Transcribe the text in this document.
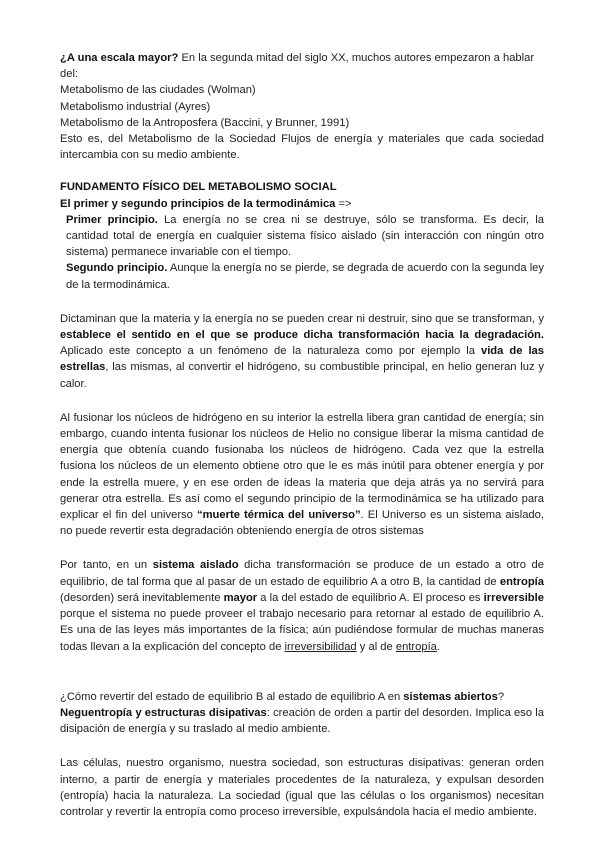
¿A una escala mayor? En la segunda mitad del siglo XX, muchos autores empezaron a hablar del:

Metabolismo de las ciudades (Wolman)

Metabolismo industrial (Ayres)

Metabolismo de la Antroposfera (Baccini, y Brunner, 1991)

Esto es, del Metabolismo de la Sociedad Flujos de energía y materiales que cada sociedad intercambia con su medio ambiente.

FUNDAMENTO FÍSICO DEL METABOLISMO SOCIAL

El primer y segundo principios de la termodinámica =>

Primer principio. La energía no se crea ni se destruye, sólo se transforma. Es decir, la cantidad total de energía en cualquier sistema físico aislado (sin interacción con ningún otro sistema) permanece invariable con el tiempo.

Segundo principio. Aunque la energía no se pierde, se degrada de acuerdo con la segunda ley de la termodinámica.

Dictaminan que la materia y la energía no se pueden crear ni destruir, sino que se transforman, y establece el sentido en el que se produce dicha transformación hacia la degradación. Aplicado este concepto a un fenómeno de la naturaleza como por ejemplo la vida de las estrellas, las mismas, al convertir el hidrógeno, su combustible principal, en helio generan luz y calor.

Al fusionar los núcleos de hidrógeno en su interior la estrella libera gran cantidad de energía; sin embargo, cuando intenta fusionar los núcleos de Helio no consigue liberar la misma cantidad de energía que obtenía cuando fusionaba los núcleos de hidrógeno. Cada vez que la estrella fusiona los núcleos de un elemento obtiene otro que le es más inútil para obtener energía y por ende la estrella muere, y en ese orden de ideas la materia que deja atrás ya no servirá para generar otra estrella. Es así como el segundo principio de la termodinámica se ha utilizado para explicar el fin del universo “muerte térmica del universo”. El Universo es un sistema aislado, no puede revertir esta degradación obteniendo energía de otros sistemas

Por tanto, en un sistema aislado dicha transformación se produce de un estado a otro de equilibrio, de tal forma que al pasar de un estado de equilibrio A a otro B, la cantidad de entropía (desorden) será inevitablemente mayor a la del estado de equilibrio A. El proceso es irreversible porque el sistema no puede proveer el trabajo necesario para retornar al estado de equilibrio A. Es una de las leyes más importantes de la física; aún pudiéndose formular de muchas maneras todas llevan a la explicación del concepto de irreversibilidad y al de entropía.

¿Cómo revertir del estado de equilibrio B al estado de equilibrio A en sistemas abiertos?

Neguentropía y estructuras disipativas: creación de orden a partir del desorden. Implica eso la disipación de energía y su traslado al medio ambiente.

Las células, nuestro organismo, nuestra sociedad, son estructuras disipativas: generan orden interno, a partir de energía y materiales procedentes de la naturaleza, y expulsan desorden (entropía) hacia la naturaleza. La sociedad (igual que las células o los organismos) necesitan controlar y revertir la entropía como proceso irreversible, expulsándola hacia el medio ambiente.
